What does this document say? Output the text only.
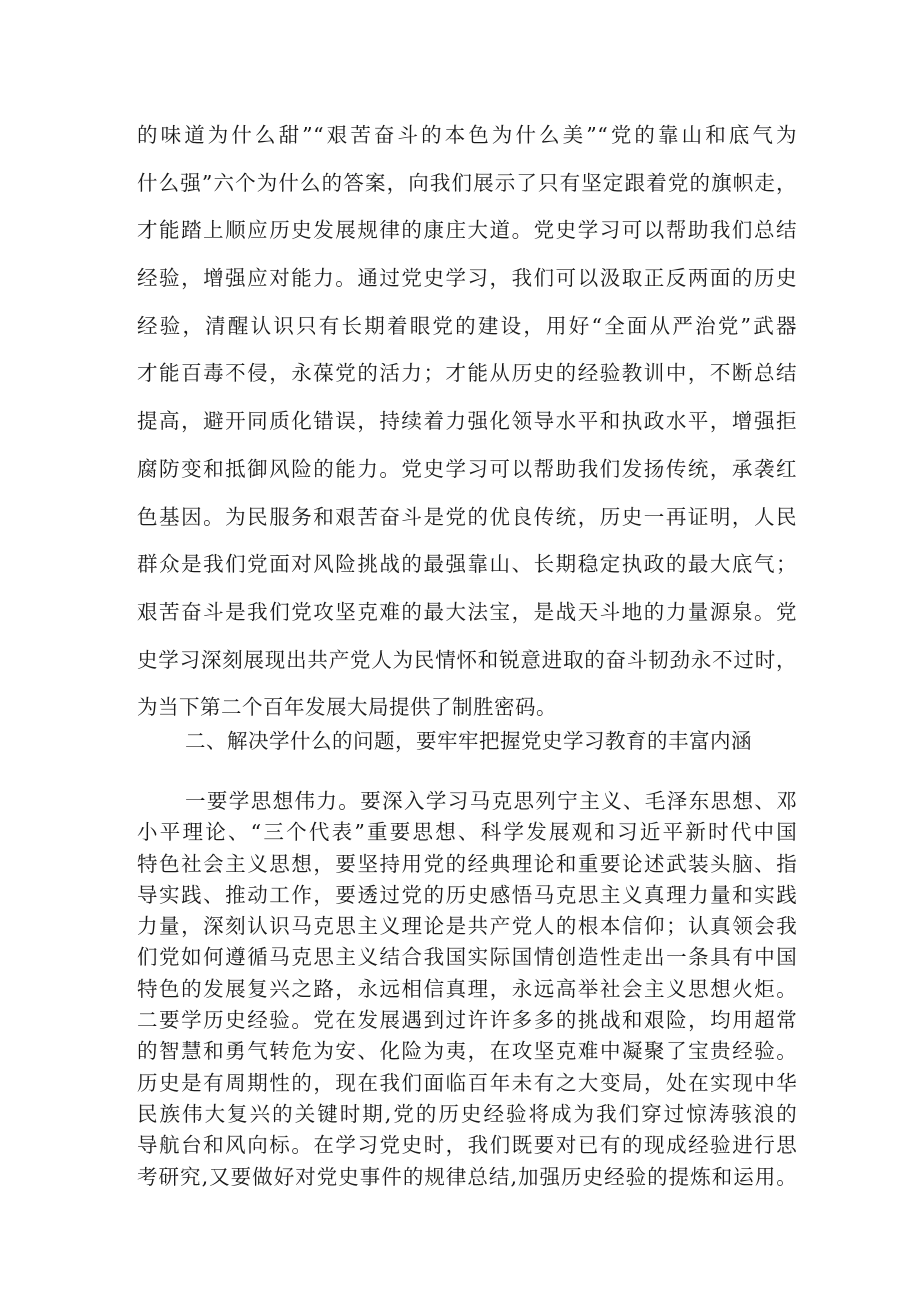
的味道为什么甜”“艰苦奋斗的本色为什么美”“党的靠山和底气为
什么强”六个为什么的答案，向我们展示了只有坚定跟着党的旗帜走，
才能踏上顺应历史发展规律的康庄大道。党史学习可以帮助我们总结
经验，增强应对能力。通过党史学习，我们可以汲取正反两面的历史
经验，清醒认识只有长期着眼党的建设，用好“全面从严治党”武器
才能百毒不侵，永葆党的活力；才能从历史的经验教训中，不断总结
提高，避开同质化错误，持续着力强化领导水平和执政水平，增强拒
腐防变和抵御风险的能力。党史学习可以帮助我们发扬传统，承袭红
色基因。为民服务和艰苦奋斗是党的优良传统，历史一再证明，人民
群众是我们党面对风险挑战的最强靠山、长期稳定执政的最大底气；
艰苦奋斗是我们党攻坚克难的最大法宝，是战天斗地的力量源泉。党
史学习深刻展现出共产党人为民情怀和锐意进取的奋斗韧劲永不过时，
为当下第二个百年发展大局提供了制胜密码。
二、解决学什么的问题，要牢牢把握党史学习教育的丰富内涵
一要学思想伟力。要深入学习马克思列宁主义、毛泽东思想、邓
小平理论、“三个代表”重要思想、科学发展观和习近平新时代中国
特色社会主义思想，要坚持用党的经典理论和重要论述武装头脑、指
导实践、推动工作，要透过党的历史感悟马克思主义真理力量和实践
力量，深刻认识马克思主义理论是共产党人的根本信仰；认真领会我
们党如何遵循马克思主义结合我国实际国情创造性走出一条具有中国
特色的发展复兴之路，永远相信真理，永远高举社会主义思想火炬。
二要学历史经验。党在发展遇到过许许多多的挑战和艰险，均用超常
的智慧和勇气转危为安、化险为夷，在攻坚克难中凝聚了宝贵经验。
历史是有周期性的，现在我们面临百年未有之大变局，处在实现中华
民族伟大复兴的关键时期,党的历史经验将成为我们穿过惊涛骇浪的
导航台和风向标。在学习党史时，我们既要对已有的现成经验进行思
考研究,又要做好对党史事件的规律总结,加强历史经验的提炼和运用。
